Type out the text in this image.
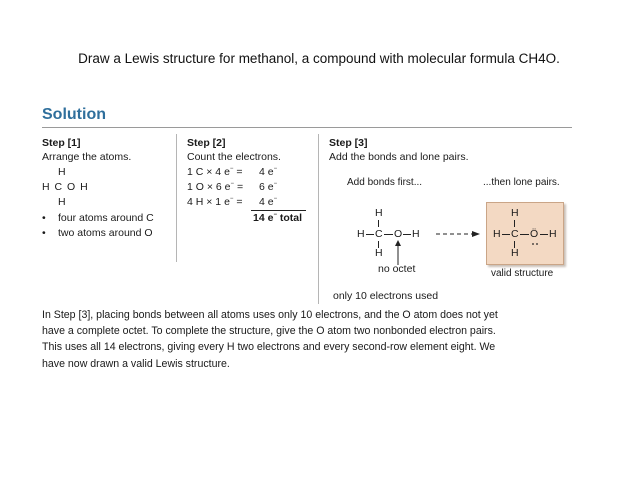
Draw a Lewis structure for methanol, a compound with molecular formula CH4O.
Solution
Step [1]
Arrange the atoms.
H
H C O H
H
• four atoms around C
• two atoms around O
Step [2]
Count the electrons.
1 C × 4 e− = 4 e−
1 O × 6 e− = 6 e−
4 H × 1 e− = 4 e−
14 e− total
Step [3]
Add the bonds and lone pairs.
Add bonds first...	...then lone pairs.
H
H C O H
H
no octet
H
H C Ö H
H
valid structure
only 10 electrons used
In Step [3], placing bonds between all atoms uses only 10 electrons, and the O atom does not yet
have a complete octet. To complete the structure, give the O atom two nonbonded electron pairs.
This uses all 14 electrons, giving every H two electrons and every second-row element eight. We
have now drawn a valid Lewis structure.
